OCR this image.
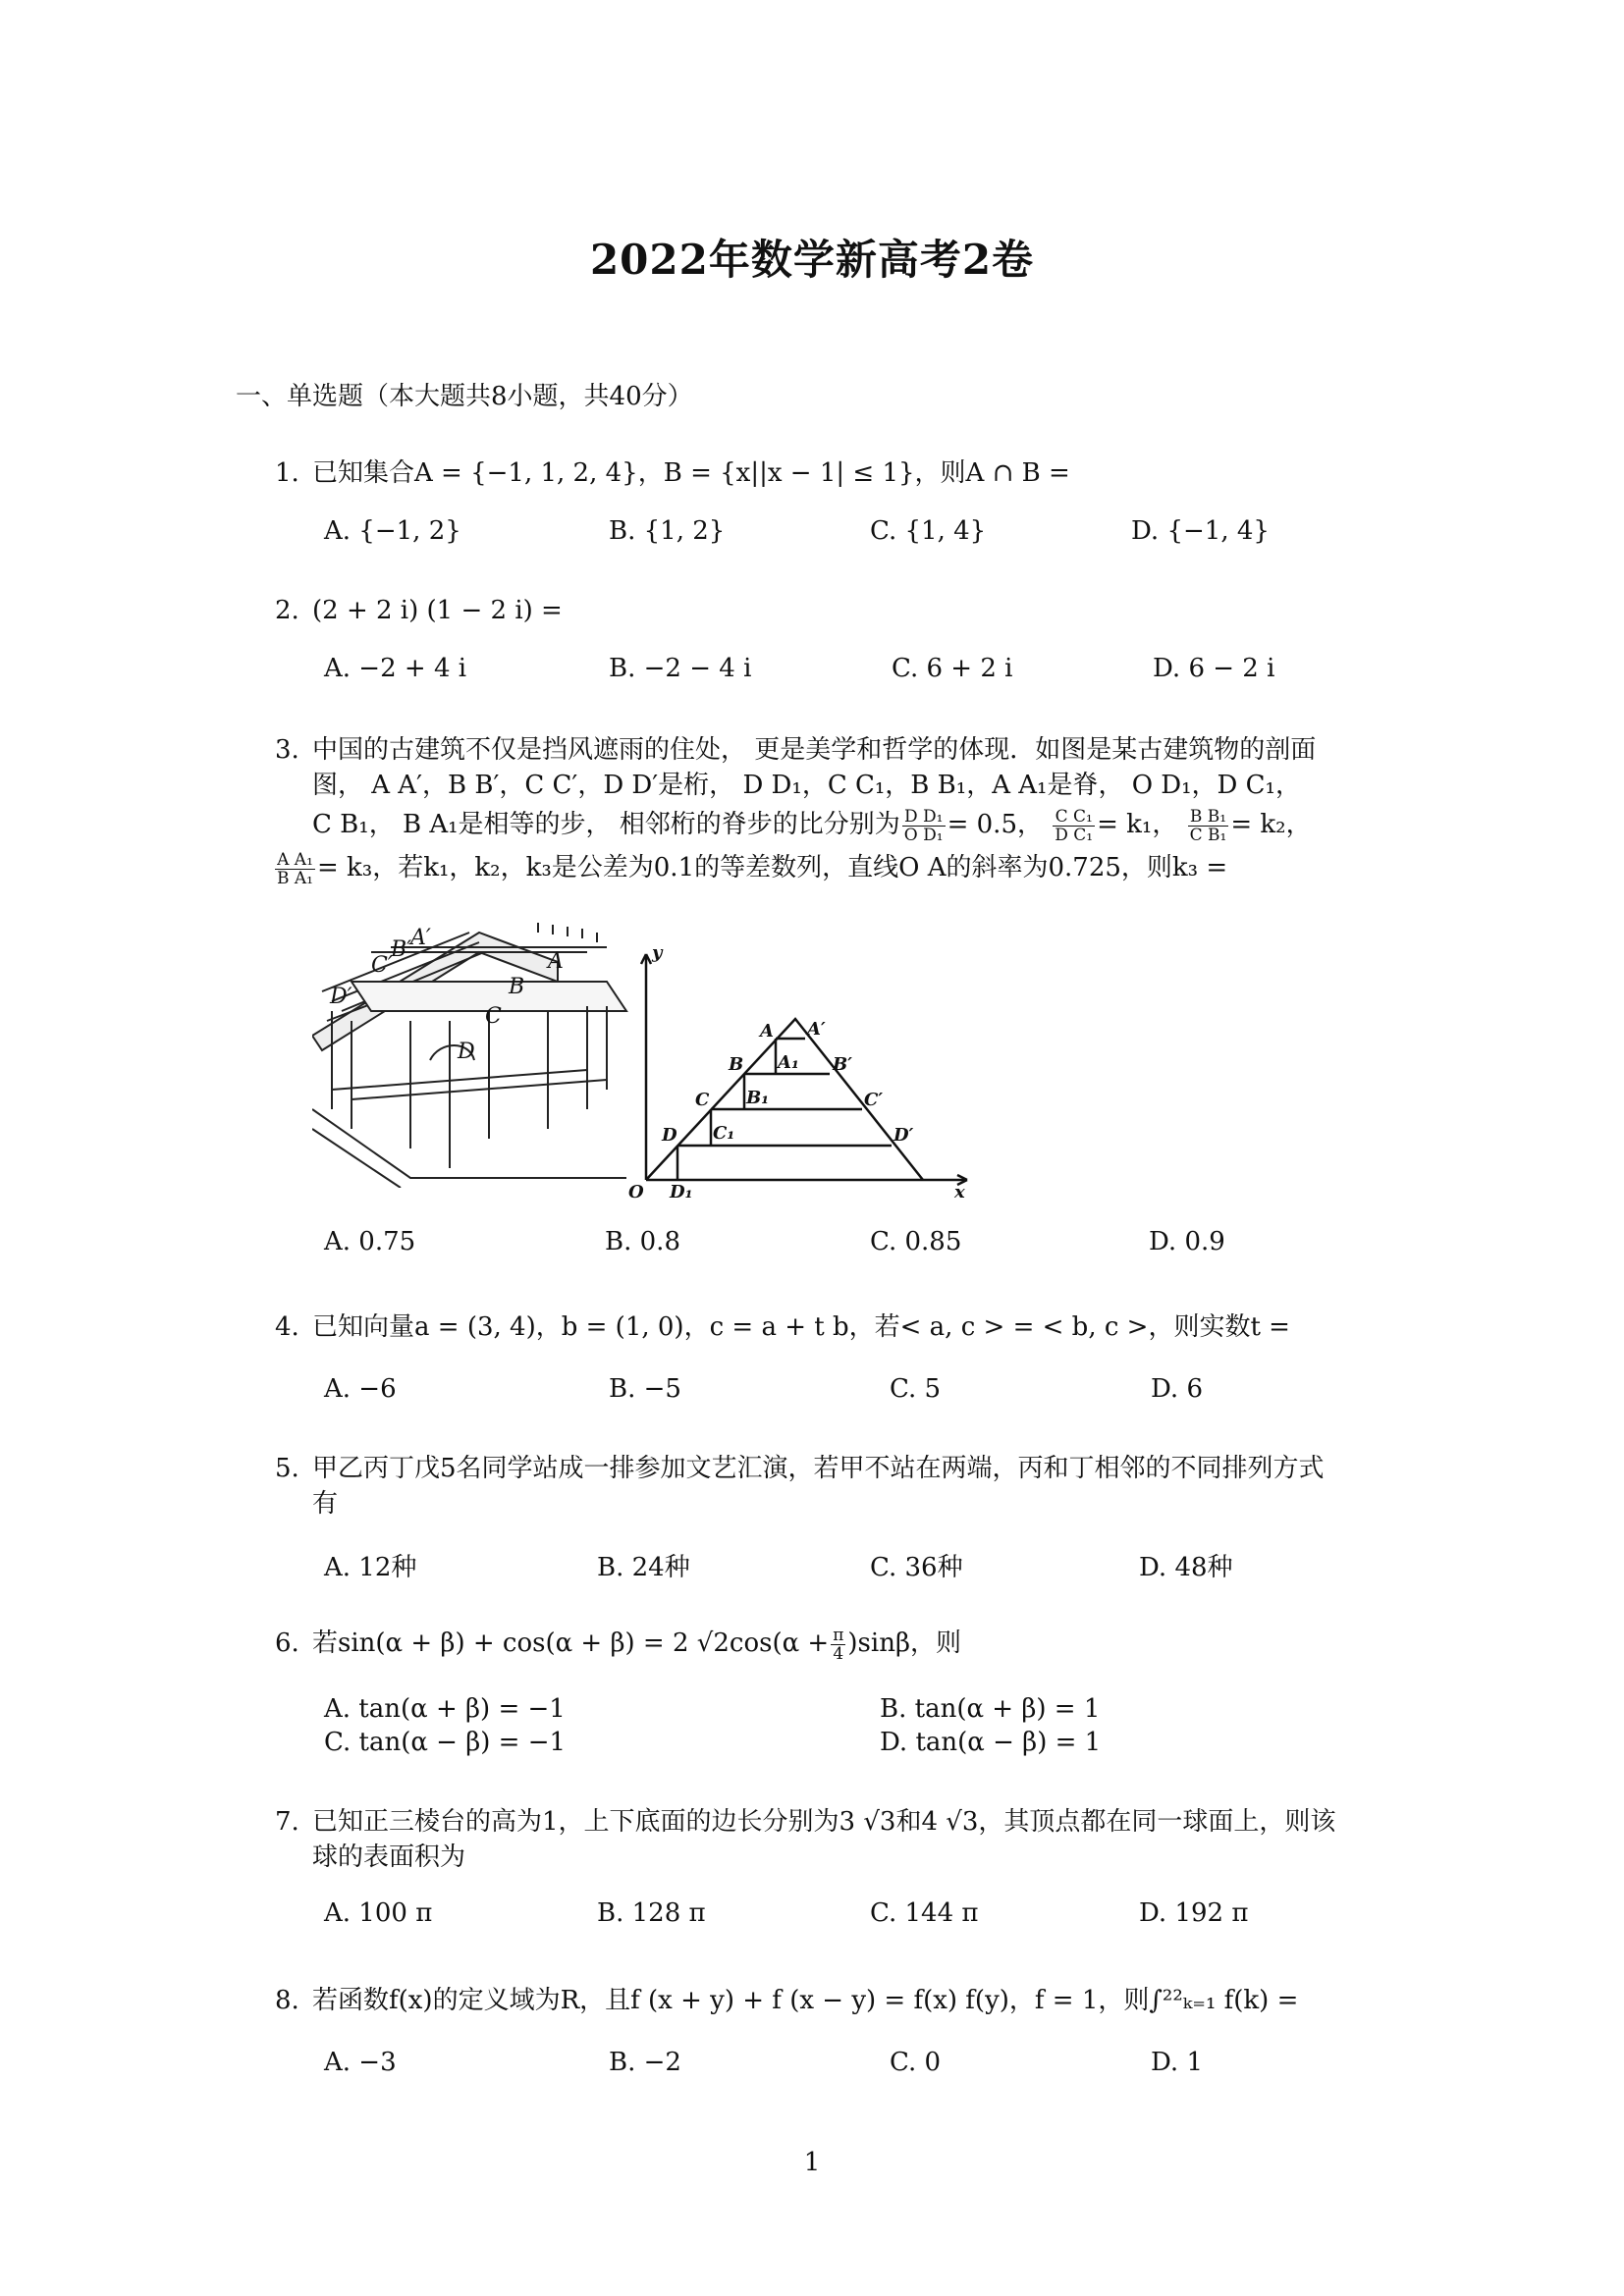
2022年数学新高考2卷
一、单选题（本大题共8小题，共40分）
1. 已知集合A = {−1, 1, 2, 4}，B = {x||x − 1| ≤ 1}，则A ∩ B =
A. {−1, 2}	B. {1, 2}	C. {1, 4}	D. {−1, 4}
2. (2 + 2 i) (1 − 2 i) =
A. −2 + 4 i	B. −2 − 4 i	C. 6 + 2 i	D. 6 − 2 i
3. 中国的古建筑不仅是挡风遮雨的住处， 更是美学和哲学的体现．如图是某古建筑物的剖面
图， A A′，B B′，C C′，D D′是桁， D D₁，C C₁，B B₁，A A₁是脊， O D₁，D C₁，
C B₁， B A₁是相等的步， 相邻桁的脊步的比分别为 $\frac{\text{D D₁}}{\text{O D₁}} = 0.5$， $\frac{\text{C C₁}}{\text{D C₁}} = k_1$， $\frac{\text{B B₁}}{\text{C B₁}} = k_2$，
$\frac{\text{A A₁}}{\text{B A₁}} = k_3$，若k₁，k₂，k₃是公差为0.1的等差数列，直线O A的斜率为0.725，则k₃ =
A′
B′
C′
D′
A
B
C
D
y
x
O D₁
D	D′
C₁
C	C′
B₁
B	B′
A₁
A A′
A. 0.75	B. 0.8	C. 0.85	D. 0.9
4. 已知向量a = (3, 4)，b = (1, 0)，c = a + t b，若< a, c > = < b, c >，则实数t =
A. −6	B. −5	C. 5	D. 6
5. 甲乙丙丁戊5名同学站成一排参加文艺汇演，若甲不站在两端，丙和丁相邻的不同排列方式
有
A. 12种	B. 24种	C. 36种	D. 48种
6. 若sin(α + β) + cos(α + β) = 2 $√2\cos(\alpha + \frac{\pi}{4} )\sin\beta$，则
A. tan(α + β) = −1	B. tan(α + β) = 1
C. tan(α − β) = −1	D. tan(α − β) = 1
7. 已知正三棱台的高为1，上下底面的边长分别为3 √3和4 √3，其顶点都在同一球面上，则该
球的表面积为
A. 100 π	B. 128 π	C. 144 π	D. 192 π
8. 若函数f(x)的定义域为R，且f (x + y) + f (x − y) = f(x) f(y)，f = 1，则∫²²ₖ₌₁ f(k) =
A. −3	B. −2	C. 0	D. 1
1
